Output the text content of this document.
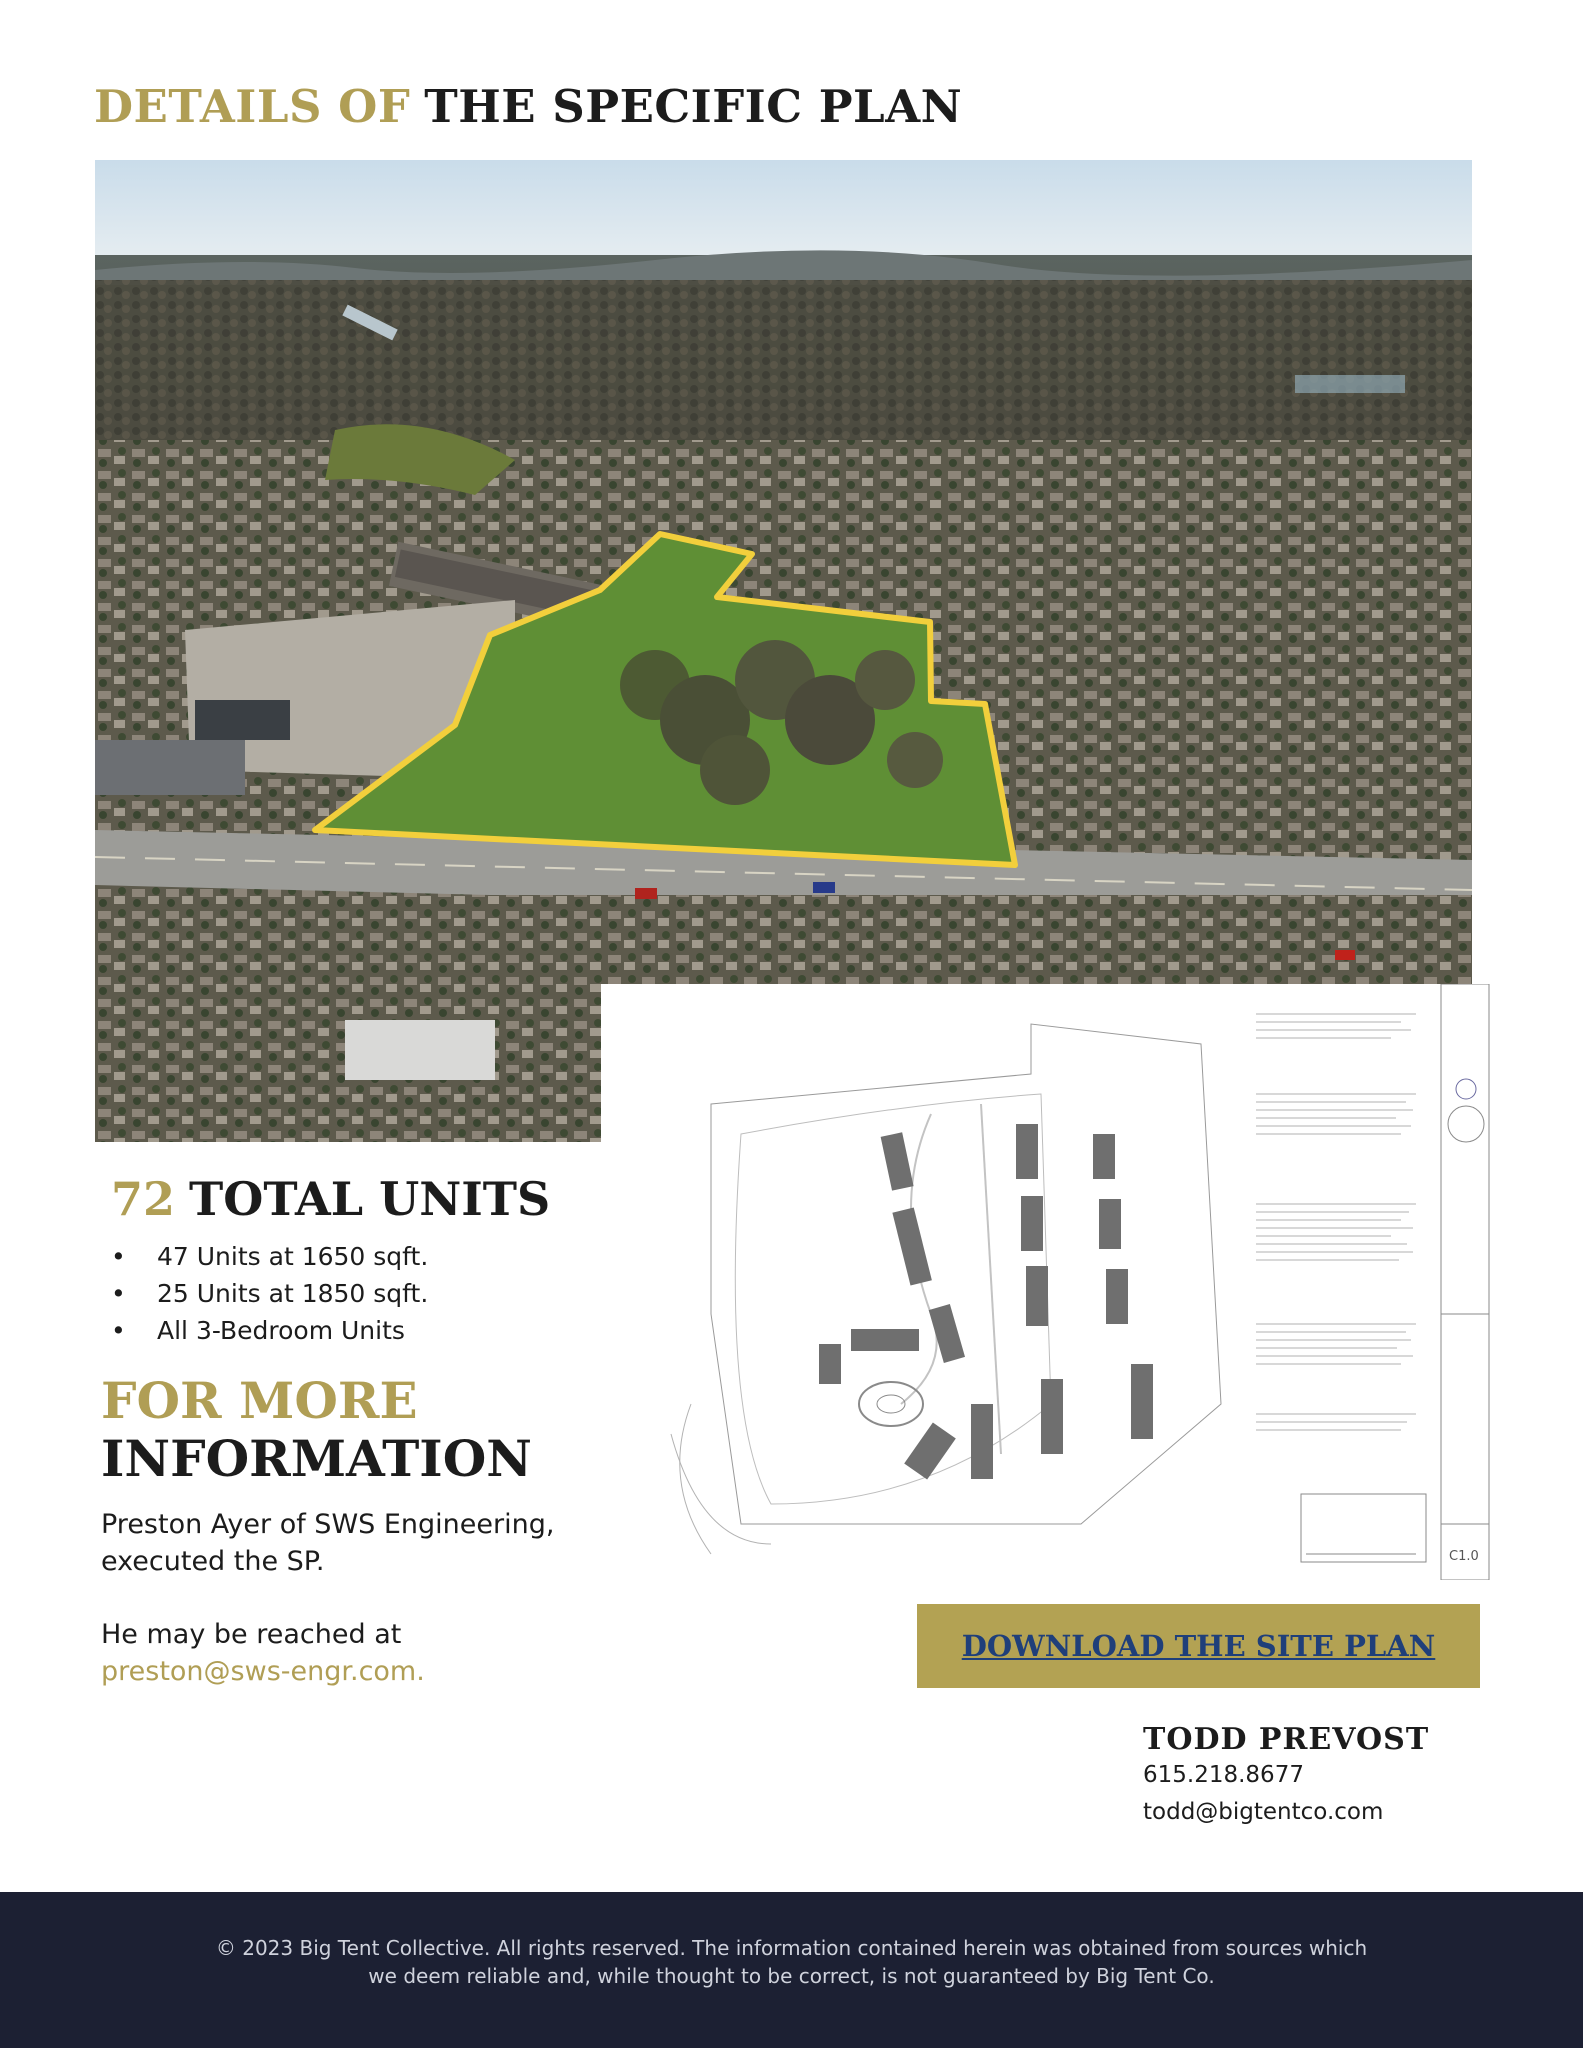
DETAILS OF THE SPECIFIC PLAN
C1.0
72 TOTAL UNITS
• 47 Units at 1650 sqft.
• 25 Units at 1850 sqft.
• All 3-Bedroom Units
FOR MORE
INFORMATION

Preston Ayer of SWS Engineering, executed the SP.

He may be reached at
preston@sws-engr.com.

DOWNLOAD THE SITE PLAN

TODD PREVOST

615.218.8677
todd@bigtentco.com
© 2023 Big Tent Collective. All rights reserved. The information contained herein was obtained from sources which
we deem reliable and, while thought to be correct, is not guaranteed by Big Tent Co.
